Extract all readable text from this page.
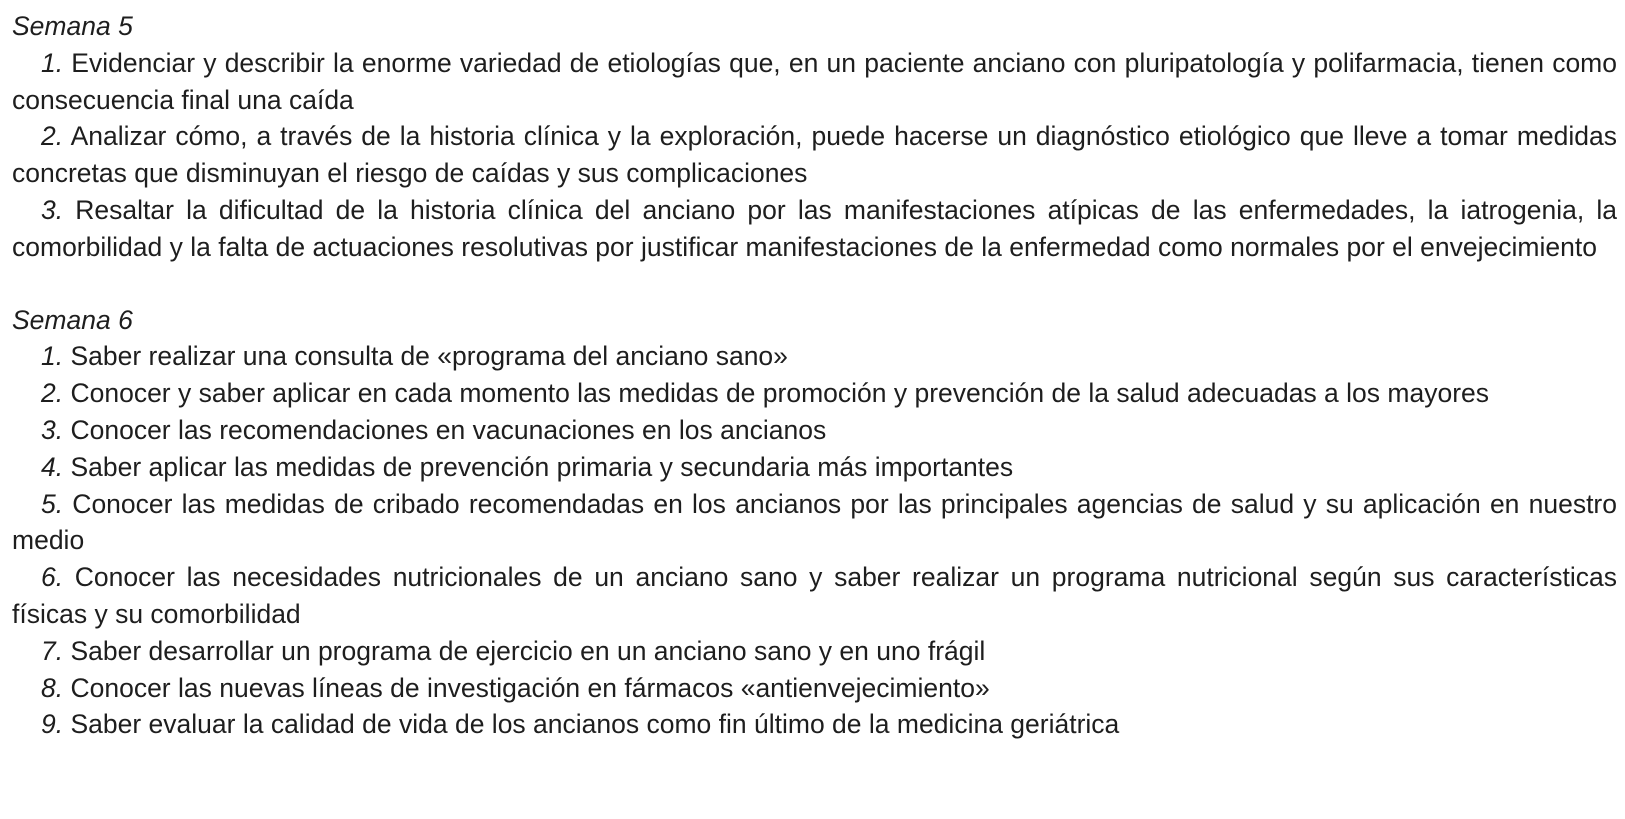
Semana 5

1. Evidenciar y describir la enorme variedad de etiologías que, en un paciente anciano con pluripatología y polifarmacia, tienen como consecuencia final una caída

2. Analizar cómo, a través de la historia clínica y la exploración, puede hacerse un diagnóstico etiológico que lleve a tomar medidas concretas que disminuyan el riesgo de caídas y sus complicaciones

3. Resaltar la dificultad de la historia clínica del anciano por las manifestaciones atípicas de las enfermedades, la iatrogenia, la comorbilidad y la falta de actuaciones resolutivas por justificar manifestaciones de la enfermedad como normales por el envejecimiento

Semana 6

1. Saber realizar una consulta de «programa del anciano sano»

2. Conocer y saber aplicar en cada momento las medidas de promoción y prevención de la salud adecuadas a los mayores

3. Conocer las recomendaciones en vacunaciones en los ancianos

4. Saber aplicar las medidas de prevención primaria y secundaria más importantes

5. Conocer las medidas de cribado recomendadas en los ancianos por las principales agencias de salud y su aplicación en nuestro medio

6. Conocer las necesidades nutricionales de un anciano sano y saber realizar un programa nutricional según sus características físicas y su comorbilidad

7. Saber desarrollar un programa de ejercicio en un anciano sano y en uno frágil

8. Conocer las nuevas líneas de investigación en fármacos «antienvejecimiento»

9. Saber evaluar la calidad de vida de los ancianos como fin último de la medicina geriátrica
